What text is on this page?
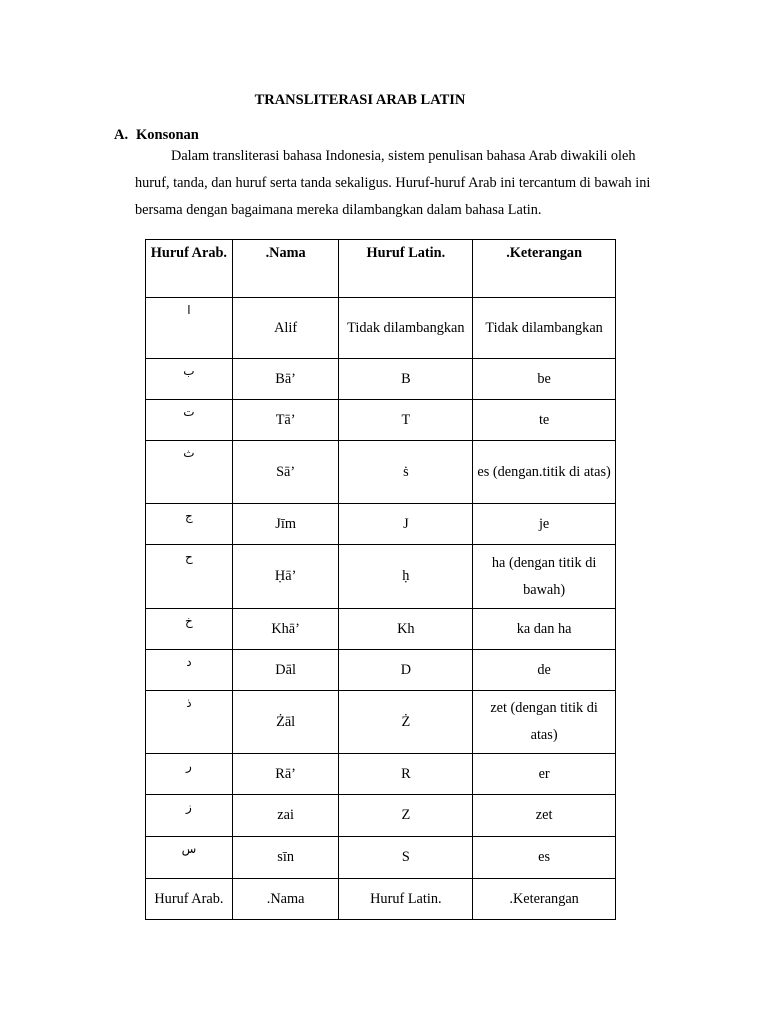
TRANSLITERASI ARAB LATIN
A. Konsonan
Dalam transliterasi bahasa Indonesia, sistem penulisan bahasa Arab diwakili oleh huruf, tanda, dan huruf serta tanda sekaligus. Huruf-huruf Arab ini tercantum di bawah ini bersama dengan bagaimana mereka dilambangkan dalam bahasa Latin.
Huruf Arab.	.Nama	Huruf Latin.	.Keterangan
ا	Alif	Tidak dilambangkan	Tidak dilambangkan
ب	Bā’	B	be
ت	Tā’	T	te
ث	Sā’	ṡ	es (dengan.titik di atas)
ج	Jīm	J	je
ح	Ḥā’	ḥ	ha (dengan titik di bawah)
خ	Khā’	Kh	ka dan ha
د	Dāl	D	de
ذ	Żāl	Ż	zet (dengan titik di atas)
ر	Rā’	R	er
ز	zai	Z	zet
س	sīn	S	es
Huruf Arab.	.Nama	Huruf Latin.	.Keterangan
